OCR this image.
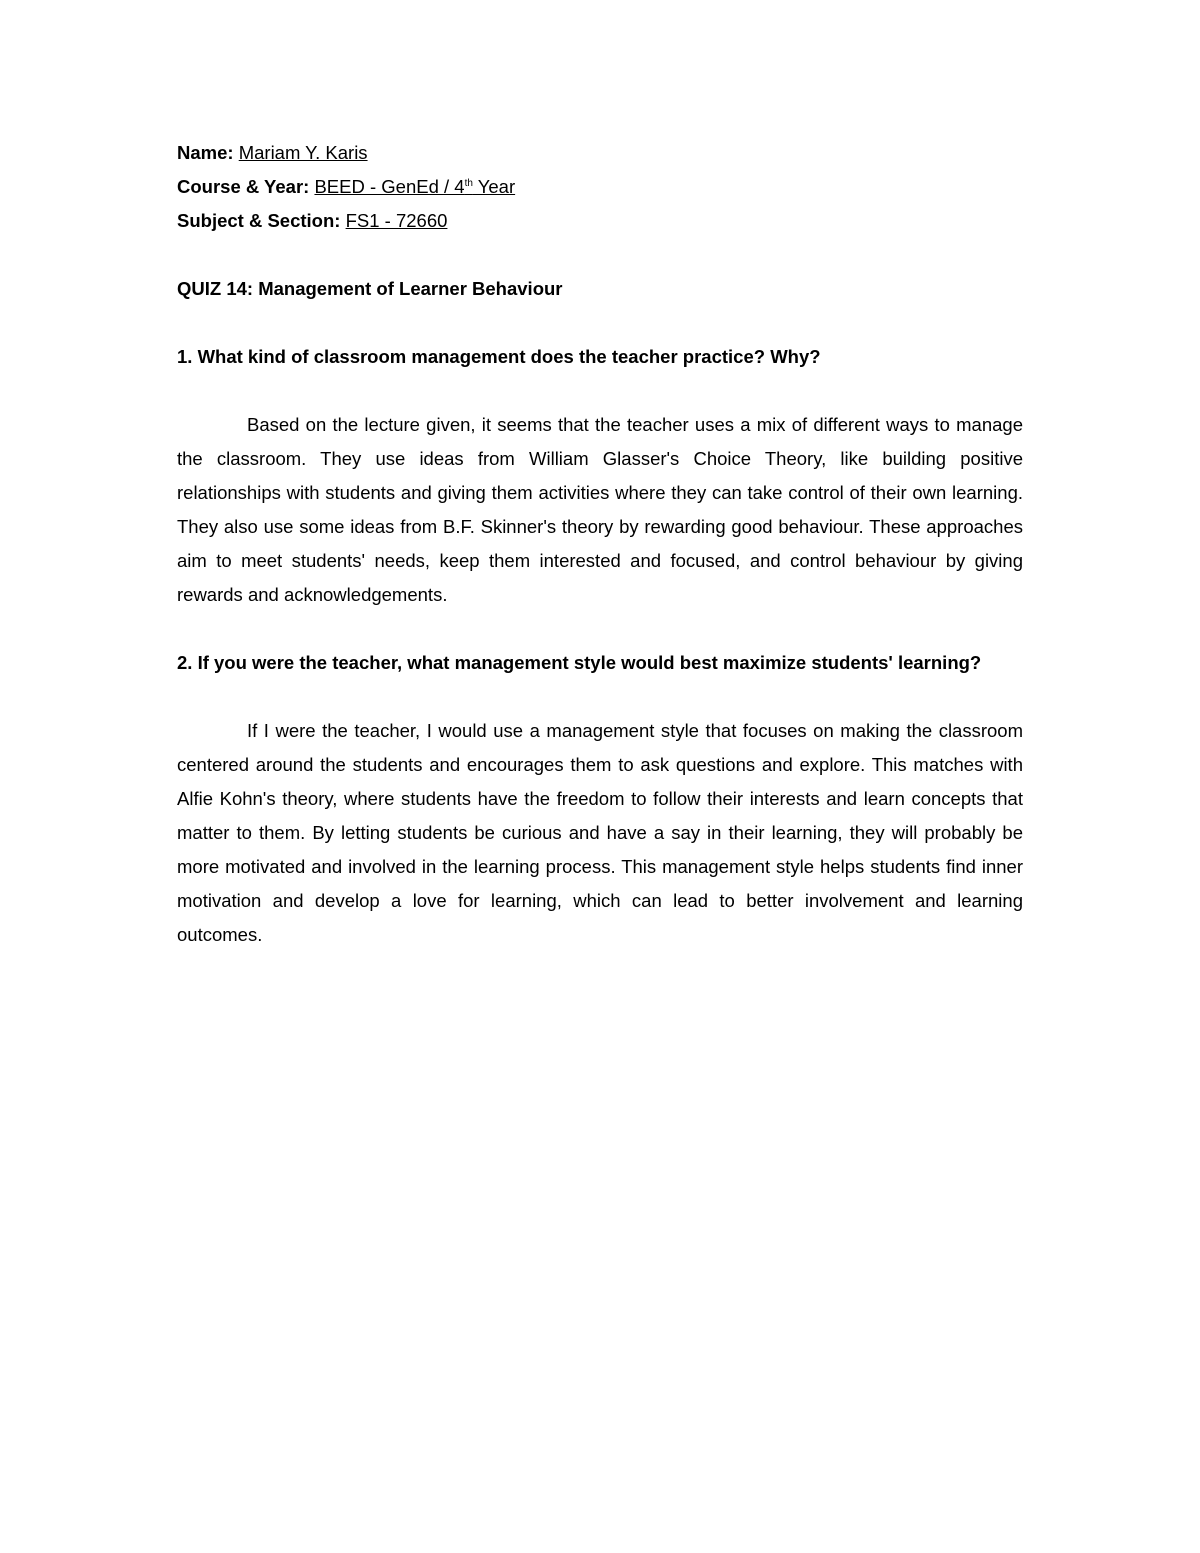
Name: Mariam Y. Karis

Course & Year: BEED - GenEd / 4th Year

Subject & Section: FS1 - 72660

QUIZ 14: Management of Learner Behaviour

1. What kind of classroom management does the teacher practice? Why?

Based on the lecture given, it seems that the teacher uses a mix of different ways to manage the classroom. They use ideas from William Glasser's Choice Theory, like building positive relationships with students and giving them activities where they can take control of their own learning. They also use some ideas from B.F. Skinner's theory by rewarding good behaviour. These approaches aim to meet students' needs, keep them interested and focused, and control behaviour by giving rewards and acknowledgements.

2. If you were the teacher, what management style would best maximize students' learning?

If I were the teacher, I would use a management style that focuses on making the classroom centered around the students and encourages them to ask questions and explore. This matches with Alfie Kohn's theory, where students have the freedom to follow their interests and learn concepts that matter to them. By letting students be curious and have a say in their learning, they will probably be more motivated and involved in the learning process. This management style helps students find inner motivation and develop a love for learning, which can lead to better involvement and learning outcomes.
